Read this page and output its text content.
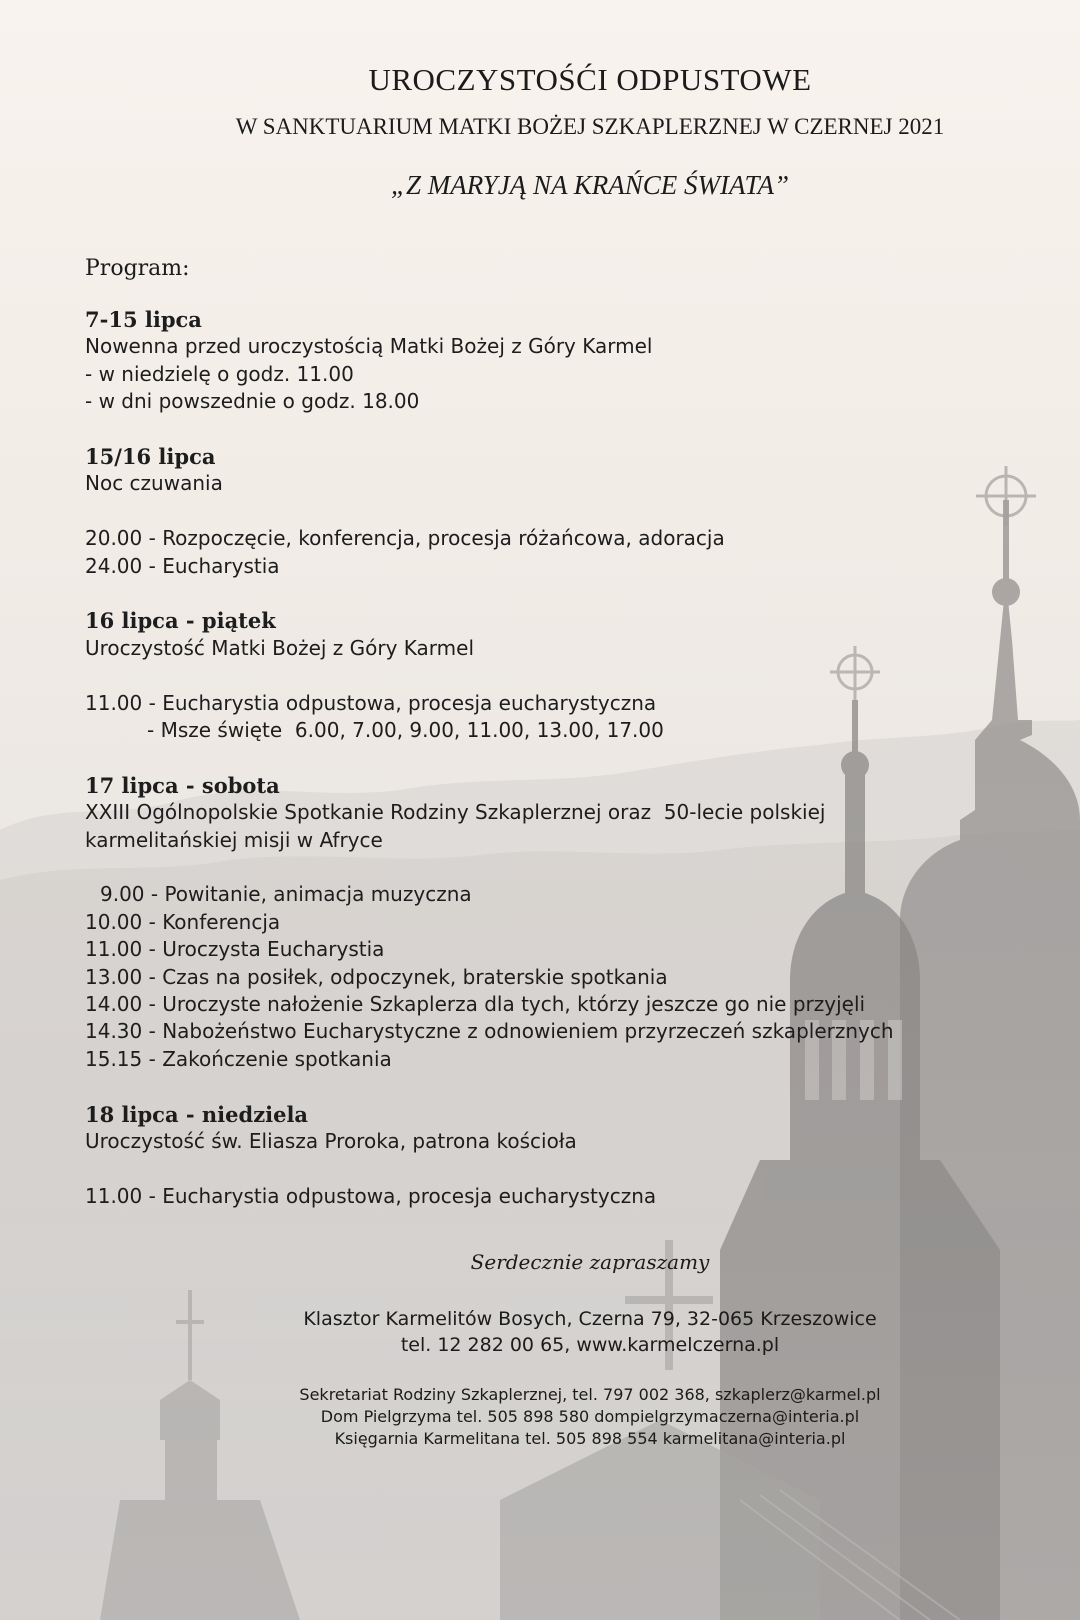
UROCZYSTOŚĆI ODPUSTOWE
W SANKTUARIUM MATKI BOŻEJ SZKAPLERZNEJ W CZERNEJ 2021
„Z MARYJĄ NA KRAŃCE ŚWIATA”
Program:
7-15 lipca
Nowenna przed uroczystością Matki Bożej z Góry Karmel
- w niedzielę o godz. 11.00
- w dni powszednie o godz. 18.00
15/16 lipca
Noc czuwania
20.00 - Rozpoczęcie, konferencja, procesja różańcowa, adoracja
24.00 - Eucharystia
16 lipca - piątek
Uroczystość Matki Bożej z Góry Karmel
11.00 - Eucharystia odpustowa, procesja eucharystyczna
- Msze święte  6.00, 7.00, 9.00, 11.00, 13.00, 17.00
17 lipca - sobota
XXIII Ogólnopolskie Spotkanie Rodziny Szkaplerznej oraz  50-lecie polskiej
karmelitańskiej misji w Afryce
9.00 - Powitanie, animacja muzyczna
10.00 - Konferencja
11.00 - Uroczysta Eucharystia
13.00 - Czas na posiłek, odpoczynek, braterskie spotkania
14.00 - Uroczyste nałożenie Szkaplerza dla tych, którzy jeszcze go nie przyjęli
14.30 - Nabożeństwo Eucharystyczne z odnowieniem przyrzeczeń szkaplerznych
15.15 - Zakończenie spotkania
18 lipca - niedziela
Uroczystość św. Eliasza Proroka, patrona kościoła
11.00 - Eucharystia odpustowa, procesja eucharystyczna
Serdecznie zapraszamy
Klasztor Karmelitów Bosych, Czerna 79, 32-065 Krzeszowice
tel. 12 282 00 65, www.karmelczerna.pl
Sekretariat Rodziny Szkaplerznej, tel. 797 002 368, szkaplerz@karmel.pl
Dom Pielgrzyma tel. 505 898 580 dompielgrzymaczerna@interia.pl
Księgarnia Karmelitana tel. 505 898 554 karmelitana@interia.pl
